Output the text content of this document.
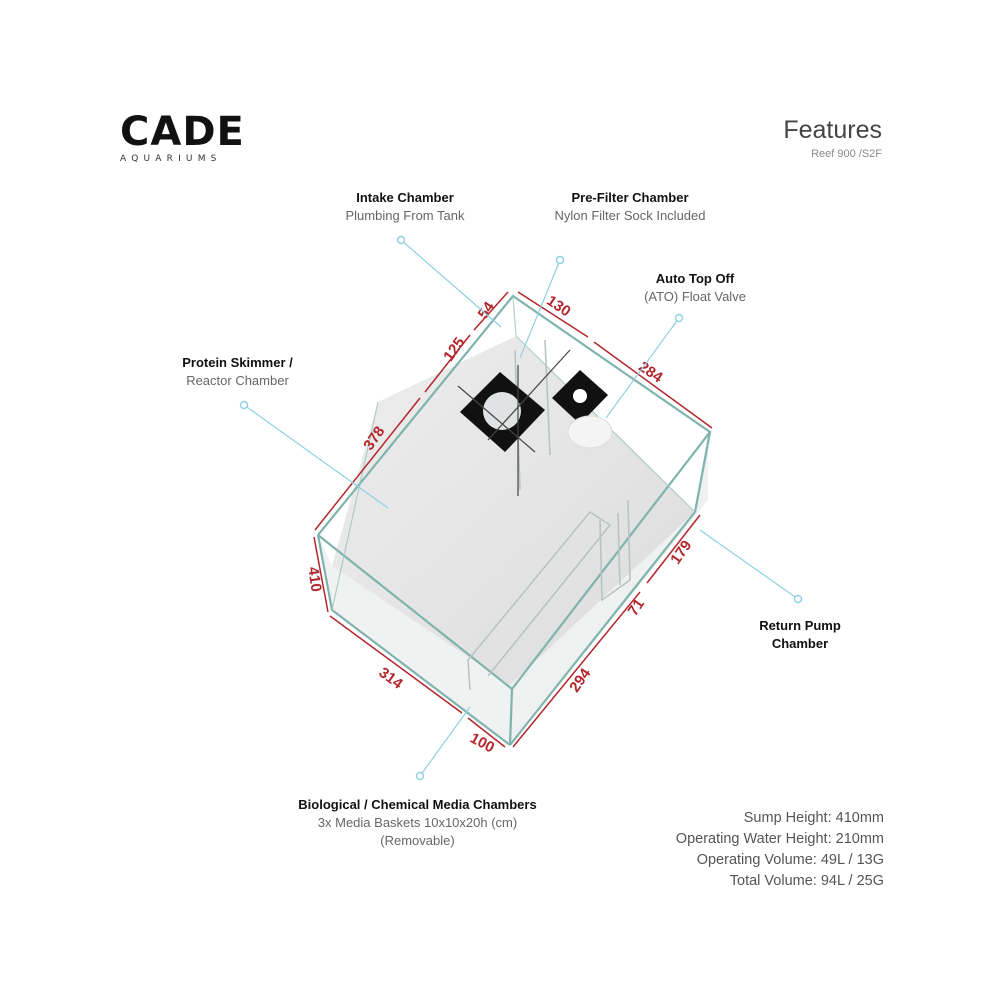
CADE
AQUARIUMS
Features
Reef 900 /S2F
54	130
125
284
378
410
179
71
314	294
100
Intake Chamber
Plumbing From Tank
Pre-Filter Chamber
Nylon Filter Sock Included
Auto Top Off
(ATO) Float Valve
Protein Skimmer /
Reactor Chamber
Return Pump
Chamber
Biological / Chemical Media Chambers
3x Media Baskets 10x10x20h (cm)
(Removable)
Sump Height: 410mm
Operating Water Height: 210mm
Operating Volume: 49L / 13G
Total Volume: 94L / 25G
